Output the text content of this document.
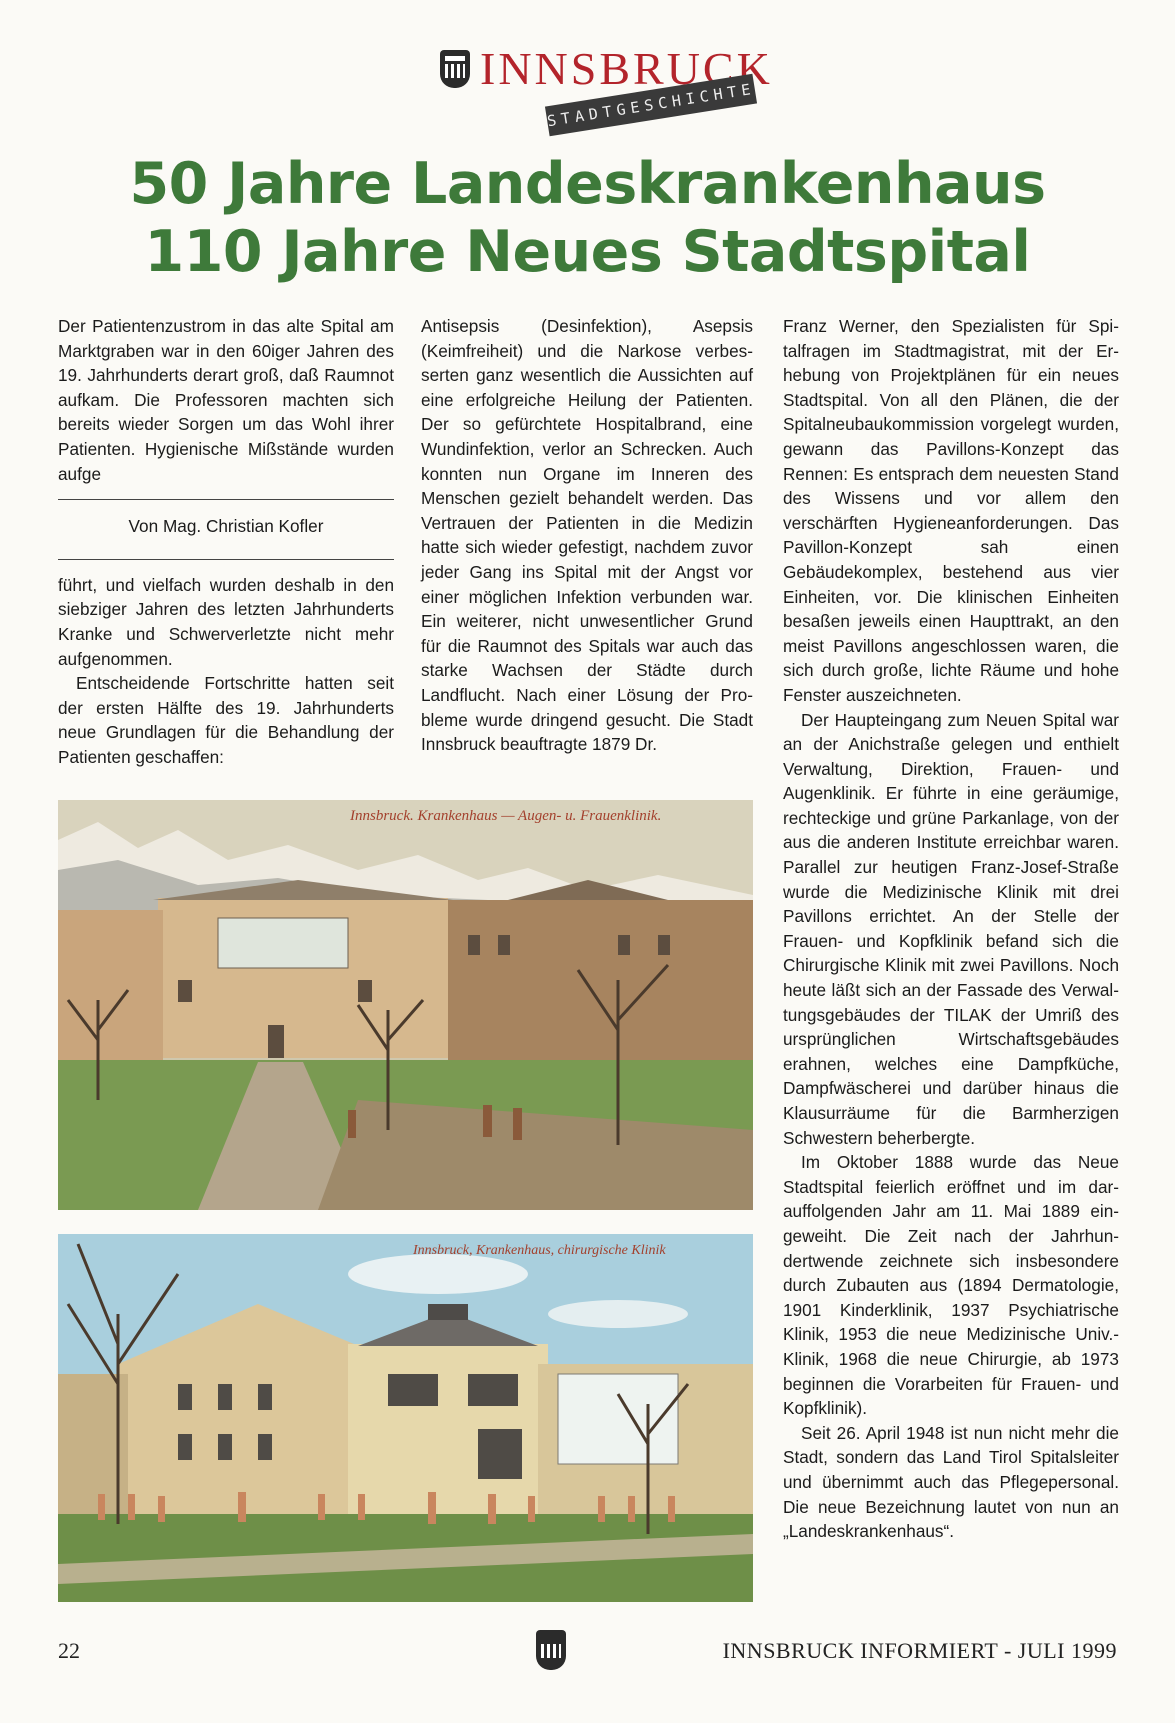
INNSBRUCK
STADTGESCHICHTE
50 Jahre Landeskrankenhaus
110 Jahre Neues Stadtspital

Der Patientenzustrom in das alte Spital am Marktgraben war in den 60iger Jahren des 19. Jahrhunderts derart groß, daß Raumnot aufkam. Die Professoren machten sich bereits wieder Sorgen um das Wohl ihrer Patienten. Hygienische Mißstände wurden aufge

Von Mag. Christian Kofler

führt, und vielfach wurden deshalb in den siebziger Jahren des letzten Jahrhunderts Kranke und Schwerverletzte nicht mehr aufgenommen.

Entscheidende Fortschritte hatten seit der ersten Hälfte des 19. Jahrhunderts neue Grundlagen für die Behandlung der Patienten geschaffen:

Antisepsis (Desinfektion), Asepsis (Keimfreiheit) und die Narkose verbesserten ganz wesentlich die Aussichten auf eine erfolgreiche Heilung der Patienten. Der so gefürchtete Hospitalbrand, eine Wundinfektion, verlor an Schrecken. Auch konnten nun Organe im Inneren des Menschen gezielt behandelt werden. Das Vertrauen der Patienten in die Medizin hatte sich wieder gefestigt, nachdem zuvor jeder Gang ins Spital mit der Angst vor einer möglichen Infektion verbunden war. Ein weiterer, nicht unwesentlicher Grund für die Raumnot des Spitals war auch das starke Wachsen der Städte durch Landflucht. Nach einer Lösung der Probleme wurde dringend gesucht. Die Stadt Innsbruck beauftragte 1879 Dr.

Franz Werner, den Spezialisten für Spitalfragen im Stadtmagistrat, mit der Erhebung von Projektplänen für ein neues Stadtspital. Von all den Plänen, die der Spitalneubaukommission vorgelegt wurden, gewann das Pavillons-Konzept das Rennen: Es entsprach dem neuesten Stand des Wissens und vor allem den verschärften Hygieneanforderungen. Das Pavillon-Konzept sah einen Gebäudekomplex, bestehend aus vier Einheiten, vor. Die klinischen Einheiten besaßen jeweils einen Haupttrakt, an den meist Pavillons angeschlossen waren, die sich durch große, lichte Räume und hohe Fenster auszeichneten.

Der Haupteingang zum Neuen Spital war an der Anichstraße gelegen und enthielt Verwaltung, Direktion, Frauen- und Augenklinik. Er führte in eine geräumige, rechteckige und grüne Parkanlage, von der aus die anderen Institute erreichbar waren. Parallel zur heutigen Franz-Josef-Straße wurde die Medizinische Klinik mit drei Pavillons errichtet. An der Stelle der Frauen- und Kopfklinik befand sich die Chirurgische Klinik mit zwei Pavillons. Noch heute läßt sich an der Fassade des Verwaltungsgebäudes der TILAK der Umriß des ursprünglichen Wirtschaftsgebäudes erahnen, welches eine Dampfküche, Dampfwäscherei und darüber hinaus die Klausurräume für die Barmherzigen Schwestern beherbergte.

Im Oktober 1888 wurde das Neue Stadtspital feierlich eröffnet und im darauffolgenden Jahr am 11. Mai 1889 eingeweiht. Die Zeit nach der Jahrhundertwende zeichnete sich insbesondere durch Zubauten aus (1894 Dermatologie, 1901 Kinderklinik, 1937 Psychiatrische Klinik, 1953 die neue Medizinische Univ.-Klinik, 1968 die neue Chirurgie, ab 1973 beginnen die Vorarbeiten für Frauen- und Kopfklinik).

Seit 26. April 1948 ist nun nicht mehr die Stadt, sondern das Land Tirol Spitalsleiter und übernimmt auch das Pflegepersonal. Die neue Bezeichnung lautet von nun an „Landeskrankenhaus“.

Innsbruck. Krankenhaus — Augen- u. Frauenklinik.
Innsbruck, Krankenhaus, chirurgische Klinik
22	INNSBRUCK INFORMIERT - JULI 1999
